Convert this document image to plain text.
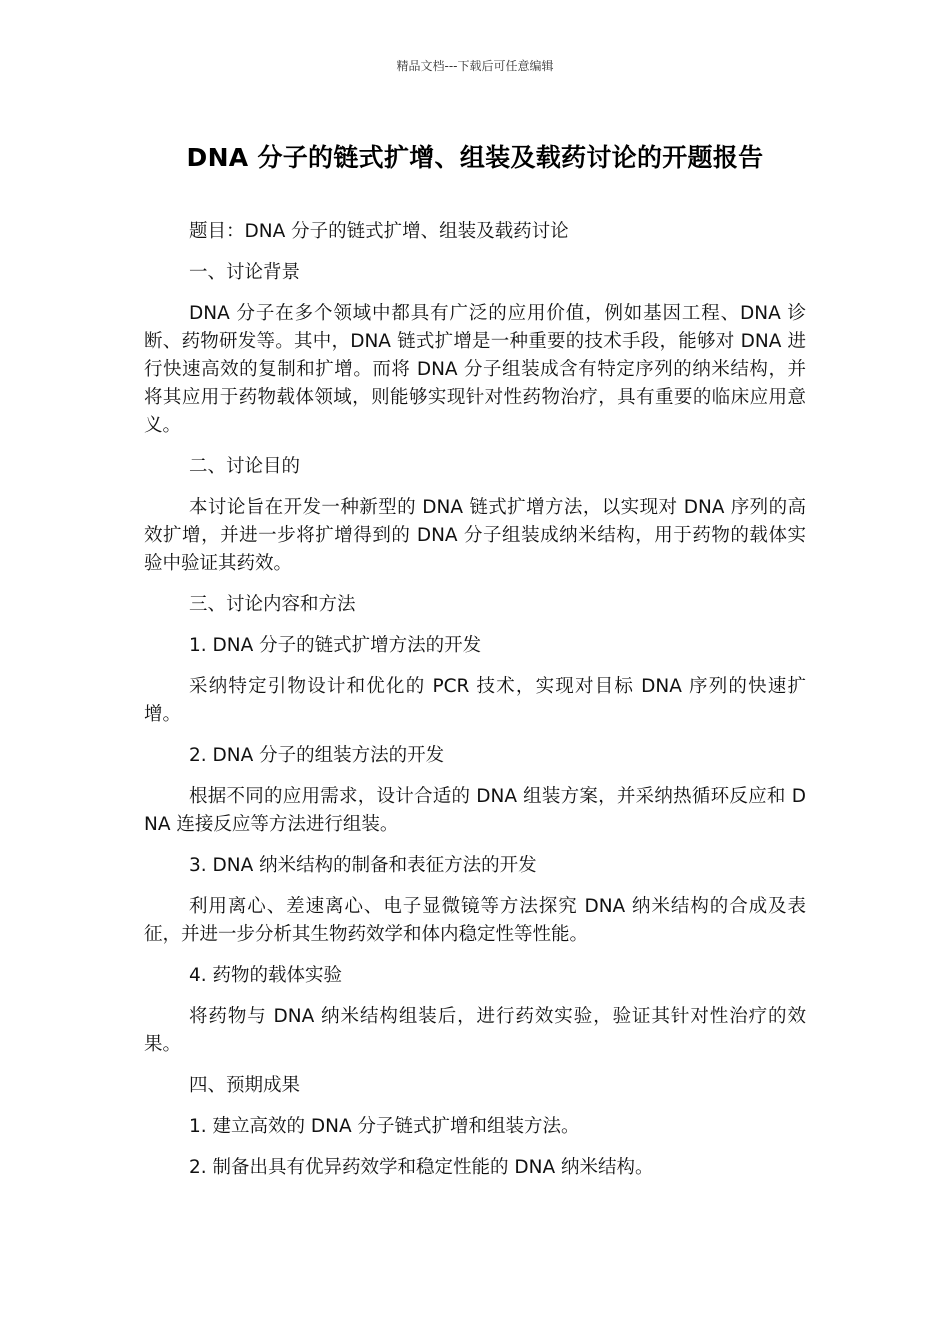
精品文档---下载后可任意编辑
DNA 分子的链式扩增、组装及载药讨论的开题报告

题目：DNA 分子的链式扩增、组装及载药讨论

一、讨论背景

DNA 分子在多个领域中都具有广泛的应用价值，例如基因工程、DNA 诊断、药物研发等。其中，DNA 链式扩增是一种重要的技术手段，能够对 DNA 进行快速高效的复制和扩增。而将 DNA 分子组装成含有特定序列的纳米结构，并将其应用于药物载体领域，则能够实现针对性药物治疗，具有重要的临床应用意义。

二、讨论目的

本讨论旨在开发一种新型的 DNA 链式扩增方法，以实现对 DNA 序列的高效扩增，并进一步将扩增得到的 DNA 分子组装成纳米结构，用于药物的载体实验中验证其药效。

三、讨论内容和方法

1. DNA 分子的链式扩增方法的开发

采纳特定引物设计和优化的 PCR 技术，实现对目标 DNA 序列的快速扩增。

2. DNA 分子的组装方法的开发

根据不同的应用需求，设计合适的 DNA 组装方案，并采纳热循环反应和 DNA 连接反应等方法进行组装。

3. DNA 纳米结构的制备和表征方法的开发

利用离心、差速离心、电子显微镜等方法探究 DNA 纳米结构的合成及表征，并进一步分析其生物药效学和体内稳定性等性能。

4. 药物的载体实验

将药物与 DNA 纳米结构组装后，进行药效实验，验证其针对性治疗的效果。

四、预期成果

1. 建立高效的 DNA 分子链式扩增和组装方法。

2. 制备出具有优异药效学和稳定性能的 DNA 纳米结构。
